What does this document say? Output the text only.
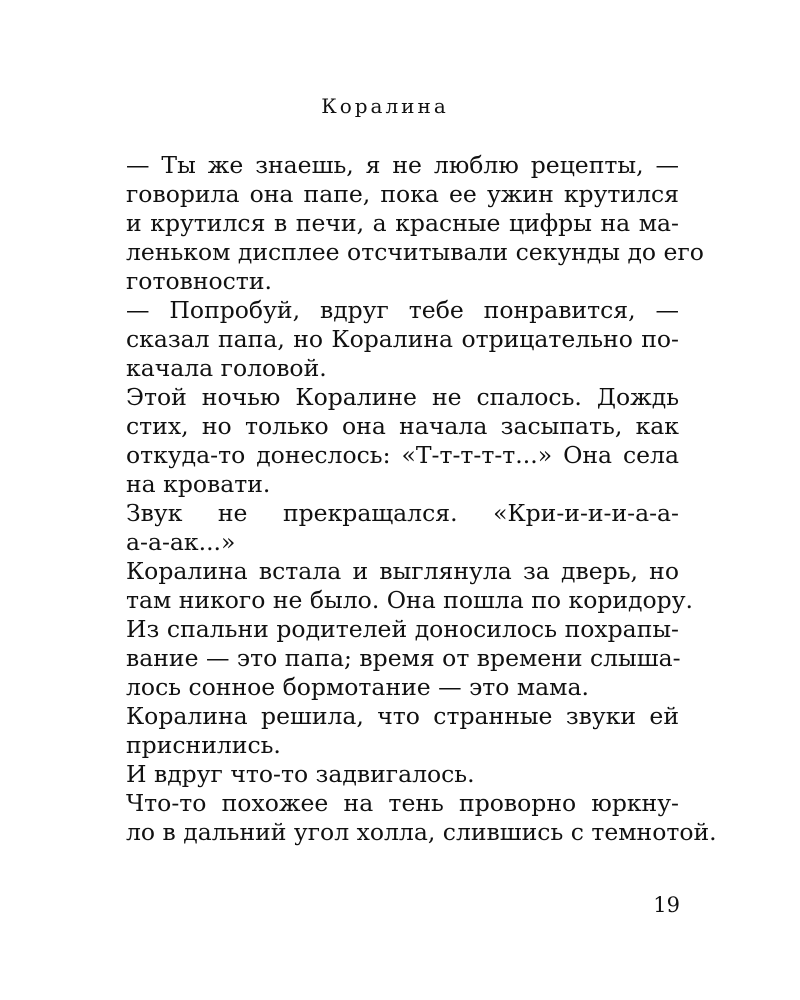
Коралина

— Ты же знаешь, я не люблю рецепты, —
говорила она папе, пока ее ужин крутился
и крутился в печи, а красные цифры на ма-
леньком дисплее отсчитывали секунды до его
готовности.

— Попробуй, вдруг тебе понравится, —
сказал папа, но Коралина отрицательно по-
качала головой.

Этой ночью Коралине не спалось. Дождь
стих, но только она начала засыпать, как
откуда-то донеслось: «Т-т-т-т-т...» Она села
на кровати.

Звук не прекращался. «Кри-и-и-и-а-а-
а-а-ак...»

Коралина встала и выглянула за дверь, но
там никого не было. Она пошла по коридору.
Из спальни родителей доносилось похрапы-
вание — это папа; время от времени слыша-
лось сонное бормотание — это мама.

Коралина решила, что странные звуки ей
приснились.

И вдруг что-то задвигалось.

Что-то похожее на тень проворно юркну-
ло в дальний угол холла, слившись с темнотой.

19
